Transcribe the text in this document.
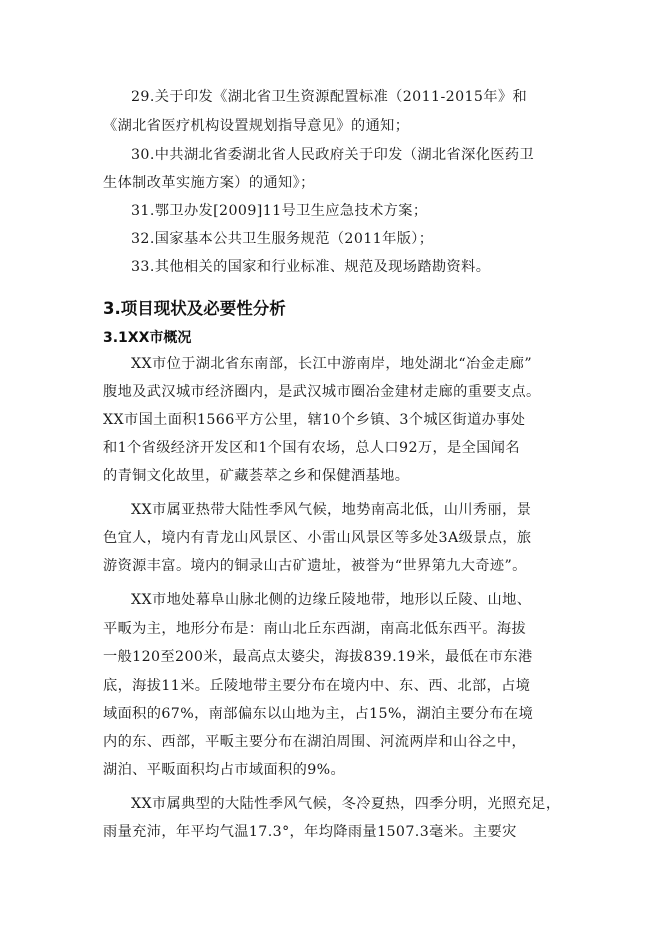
29.关于印发《湖北省卫生资源配置标准（2011-2015年》和
《湖北省医疗机构设置规划指导意见》的通知；
30.中共湖北省委湖北省人民政府关于印发（湖北省深化医药卫
生体制改革实施方案）的通知》；
31.鄂卫办发[2009]11号卫生应急技术方案；
32.国家基本公共卫生服务规范（2011年版）；
33.其他相关的国家和行业标准、规范及现场踏勘资料。
3.项目现状及必要性分析
3.1XX市概况
XX市位于湖北省东南部，长江中游南岸，地处湖北“冶金走廊”
腹地及武汉城市经济圈内，是武汉城市圈冶金建材走廊的重要支点。
XX市国土面积1566平方公里，辖10个乡镇、3个城区街道办事处
和1个省级经济开发区和1个国有农场，总人口92万，是全国闻名
的青铜文化故里，矿藏荟萃之乡和保健酒基地。
XX市属亚热带大陆性季风气候，地势南高北低，山川秀丽，景
色宜人，境内有青龙山风景区、小雷山风景区等多处3A级景点，旅
游资源丰富。境内的铜录山古矿遗址，被誉为“世界第九大奇迹”。
XX市地处幕阜山脉北侧的边缘丘陵地带，地形以丘陵、山地、
平畈为主，地形分布是：南山北丘东西湖，南高北低东西平。海拔
一般120至200米，最高点太婆尖，海拔839.19米，最低在市东港
底，海拔11米。丘陵地带主要分布在境内中、东、西、北部，占境
域面积的67%，南部偏东以山地为主，占15%，湖泊主要分布在境
内的东、西部，平畈主要分布在湖泊周围、河流两岸和山谷之中，
湖泊、平畈面积均占市域面积的9%。
XX市属典型的大陆性季风气候，冬冷夏热，四季分明，光照充足，
雨量充沛，年平均气温17.3°，年均降雨量1507.3毫米。主要灾
